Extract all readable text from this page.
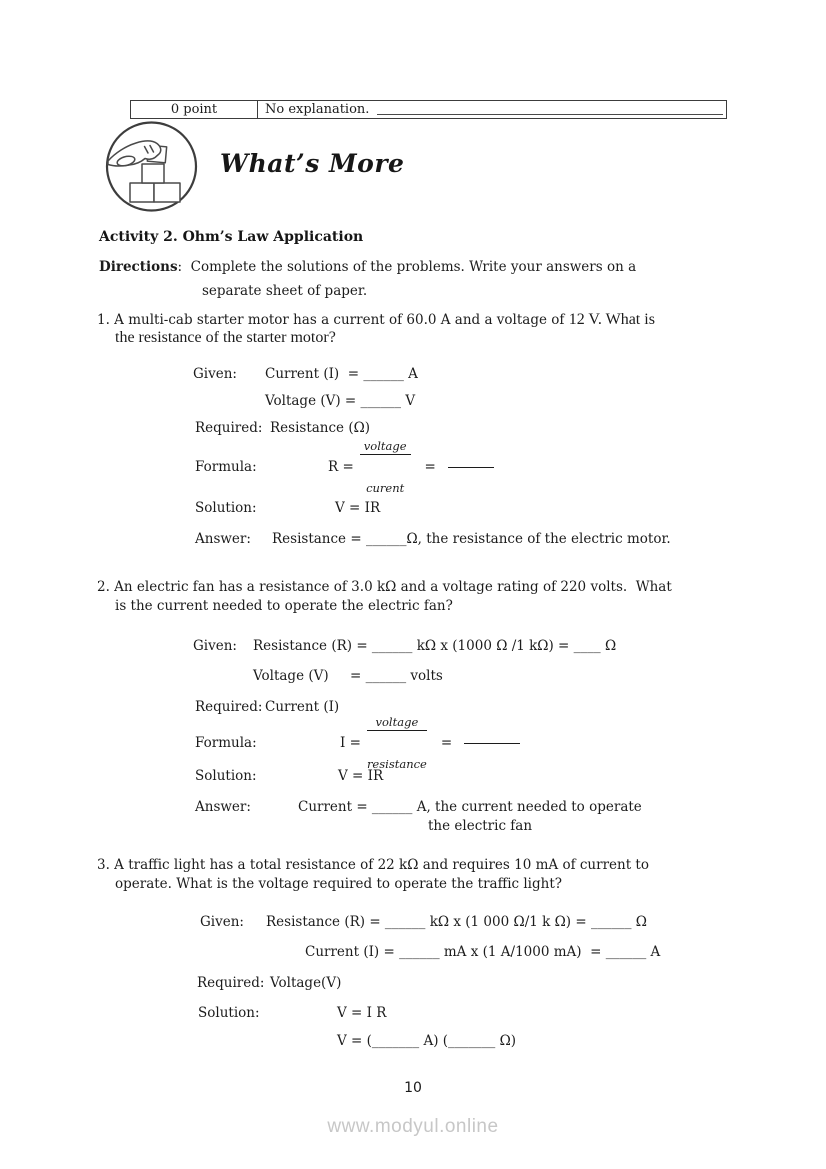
0 point	No explanation.
What’s More
Activity 2. Ohm’s Law Application
Directions:  Complete the solutions of the problems. Write your answers on a
separate sheet of paper.
1. A multi-cab starter motor has a current of 60.0 A and a voltage of 12 V. What is
the resistance of the starter motor?
Given:	Current (I)  = ______ A
Voltage (V) = ______ V
Required: Resistance (Ω)
Formula:	R =

$\frac{\text{voltage}}{\text{curent}}$

=
Solution:	V = IR
Answer:	Resistance = ______Ω, the resistance of the electric motor.
2. An electric fan has a resistance of 3.0 kΩ and a voltage rating of 220 volts.  What
is the current needed to operate the electric fan?
Given:	Resistance (R) = ______ kΩ x (1000 Ω /1 kΩ) = ____ Ω
Voltage (V)	= ______ volts
Required: Current (I)
Formula:	I =

$\frac{\text{voltage}}{\text{resistance}}$

=
Solution:	V = IR
Answer:	Current = ______ A, the current needed to operate
the electric fan
3. A traffic light has a total resistance of 22 kΩ and requires 10 mA of current to
operate. What is the voltage required to operate the traffic light?
Given:	Resistance (R) = ______ kΩ x (1 000 Ω/1 k Ω) = ______ Ω
Current (I) = ______ mA x (1 A/1000 mA)  = ______ A
Required: Voltage(V)
Solution:	V = I R
V = (_______ A) (_______ Ω)
10
www.modyul.online
